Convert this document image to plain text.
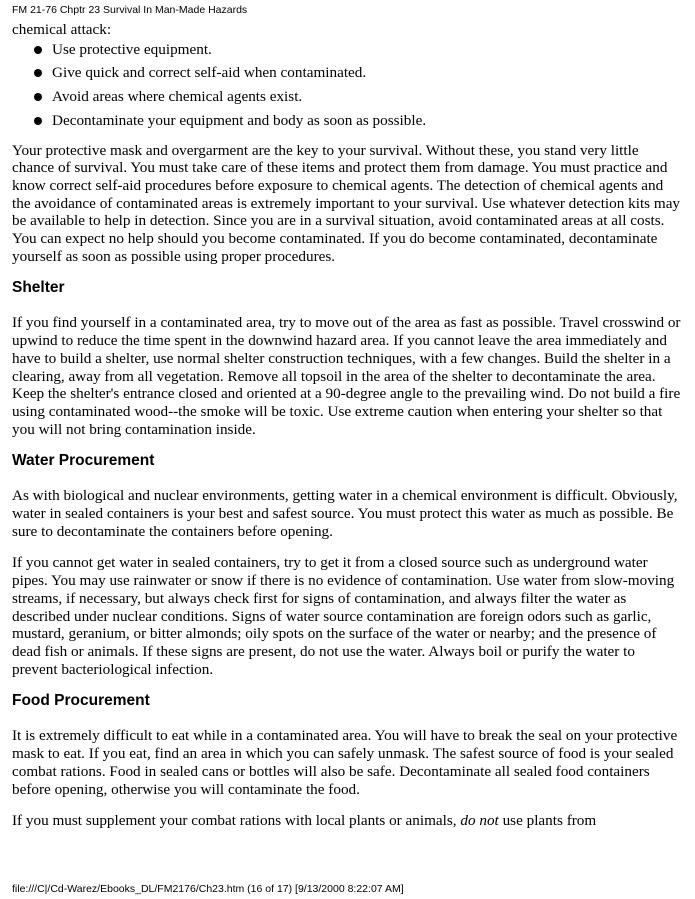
FM 21-76 Chptr 23 Survival In Man-Made Hazards

chemical attack:

Use protective equipment.
Give quick and correct self-aid when contaminated.
Avoid areas where chemical agents exist.
Decontaminate your equipment and body as soon as possible.

Your protective mask and overgarment are the key to your survival. Without these, you stand very little chance of survival. You must take care of these items and protect them from damage. You must practice and know correct self-aid procedures before exposure to chemical agents. The detection of chemical agents and the avoidance of contaminated areas is extremely important to your survival. Use whatever detection kits may be available to help in detection. Since you are in a survival situation, avoid contaminated areas at all costs. You can expect no help should you become contaminated. If you do become contaminated, decontaminate yourself as soon as possible using proper procedures.

Shelter

If you find yourself in a contaminated area, try to move out of the area as fast as possible. Travel crosswind or upwind to reduce the time spent in the downwind hazard area. If you cannot leave the area immediately and have to build a shelter, use normal shelter construction techniques, with a few changes. Build the shelter in a clearing, away from all vegetation. Remove all topsoil in the area of the shelter to decontaminate the area. Keep the shelter's entrance closed and oriented at a 90-degree angle to the prevailing wind. Do not build a fire using contaminated wood--the smoke will be toxic. Use extreme caution when entering your shelter so that you will not bring contamination inside.

Water Procurement

As with biological and nuclear environments, getting water in a chemical environment is difficult. Obviously, water in sealed containers is your best and safest source. You must protect this water as much as possible. Be sure to decontaminate the containers before opening.

If you cannot get water in sealed containers, try to get it from a closed source such as underground water pipes. You may use rainwater or snow if there is no evidence of contamination. Use water from slow-moving streams, if necessary, but always check first for signs of contamination, and always filter the water as described under nuclear conditions. Signs of water source contamination are foreign odors such as garlic, mustard, geranium, or bitter almonds; oily spots on the surface of the water or nearby; and the presence of dead fish or animals. If these signs are present, do not use the water. Always boil or purify the water to prevent bacteriological infection.

Food Procurement

It is extremely difficult to eat while in a contaminated area. You will have to break the seal on your protective mask to eat. If you eat, find an area in which you can safely unmask. The safest source of food is your sealed combat rations. Food in sealed cans or bottles will also be safe. Decontaminate all sealed food containers before opening, otherwise you will contaminate the food.

If you must supplement your combat rations with local plants or animals, do not use plants from

file:///C|/Cd-Warez/Ebooks_DL/FM2176/Ch23.htm (16 of 17) [9/13/2000 8:22:07 AM]
